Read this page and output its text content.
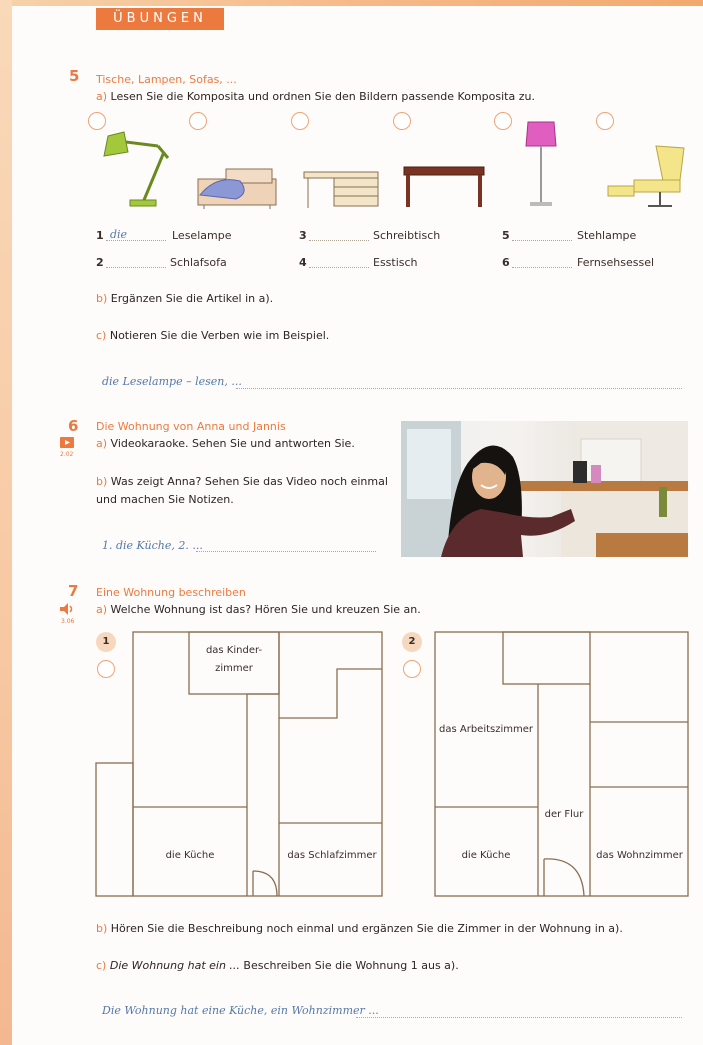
ÜBUNGEN
5 Tische, Lampen, Sofas, ...
a) Lesen Sie die Komposita und ordnen Sie den Bildern passende Komposita zu.
1 die	Leselampe
2	Schlafsofa
3	Schreibtisch
4	Esstisch
5	Stehlampe
6	Fernsehsessel
b) Ergänzen Sie die Artikel in a).
c) Notieren Sie die Verben wie im Beispiel.
die Leselampe – lesen, ...
6
2.02
Die Wohnung von Anna und Jannis
a) Videokaraoke. Sehen Sie und antworten Sie.
b) Was zeigt Anna? Sehen Sie das Video noch einmal
und machen Sie Notizen.
1. die Küche, 2. ...
7
3.06
Eine Wohnung beschreiben
a) Welche Wohnung ist das? Hören Sie und kreuzen Sie an.
1
das Kinder-
zimmer
die Küche	das Schlafzimmer
2
das Arbeitszimmer
der Flur
die Küche	das Wohnzimmer
b) Hören Sie die Beschreibung noch einmal und ergänzen Sie die Zimmer in der Wohnung in a).
c) Die Wohnung hat ein ... Beschreiben Sie die Wohnung 1 aus a).
Die Wohnung hat eine Küche, ein Wohnzimmer ...
